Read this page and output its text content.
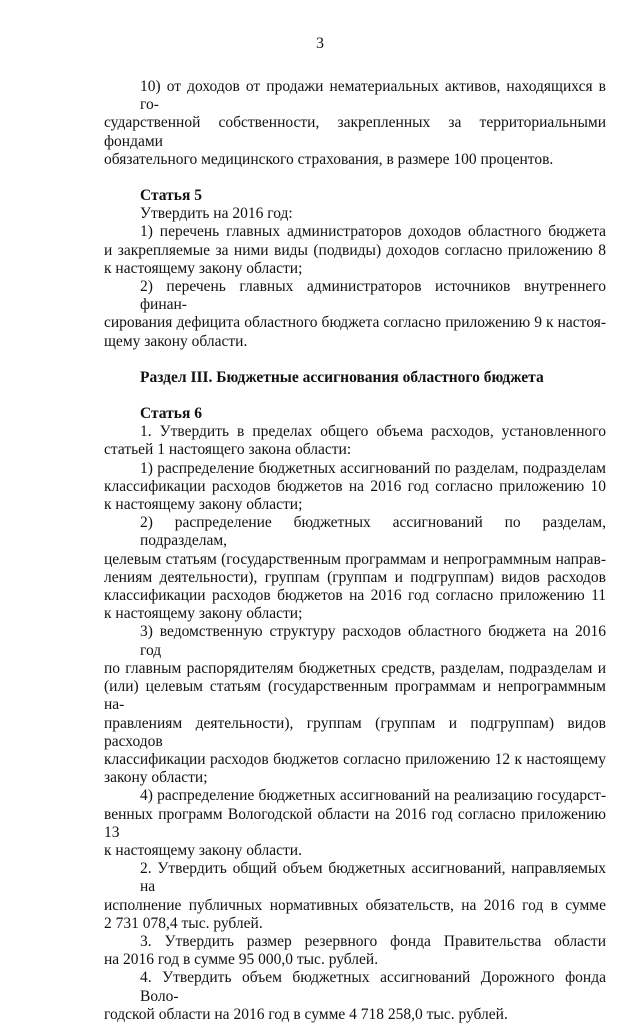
3
10) от доходов от продажи нематериальных активов, находящихся в го-
сударственной собственности, закрепленных за территориальными фондами
обязательного медицинского страхования, в размере 100 процентов.
Статья 5
Утвердить на 2016 год:
1) перечень главных администраторов доходов областного бюджета
и закрепляемые за ними виды (подвиды) доходов согласно приложению 8
к настоящему закону области;
2) перечень главных администраторов источников внутреннего финан-
сирования дефицита областного бюджета согласно приложению 9 к настоя-
щему закону области.
Раздел III. Бюджетные ассигнования областного бюджета
Статья 6
1. Утвердить в пределах общего объема расходов, установленного
статьей 1 настоящего закона области:
1) распределение бюджетных ассигнований по разделам, подразделам
классификации расходов бюджетов на 2016 год согласно приложению 10
к настоящему закону области;
2) распределение бюджетных ассигнований по разделам, подразделам,
целевым статьям (государственным программам и непрограммным направ-
лениям деятельности), группам (группам и подгруппам) видов расходов
классификации расходов бюджетов на 2016 год согласно приложению 11
к настоящему закону области;
3) ведомственную структуру расходов областного бюджета на 2016 год
по главным распорядителям бюджетных средств, разделам, подразделам и
(или) целевым статьям (государственным программам и непрограммным на-
правлениям деятельности), группам (группам и подгруппам) видов расходов
классификации расходов бюджетов согласно приложению 12 к настоящему
закону области;
4) распределение бюджетных ассигнований на реализацию государст-
венных программ Вологодской области на 2016 год согласно приложению 13
к настоящему закону области.
2. Утвердить общий объем бюджетных ассигнований, направляемых на
исполнение публичных нормативных обязательств, на 2016 год в сумме
2 731 078,4 тыс. рублей.
3. Утвердить размер резервного фонда Правительства области
на 2016 год в сумме 95 000,0 тыс. рублей.
4. Утвердить объем бюджетных ассигнований Дорожного фонда Воло-
годской области на 2016 год в сумме 4 718 258,0 тыс. рублей.
